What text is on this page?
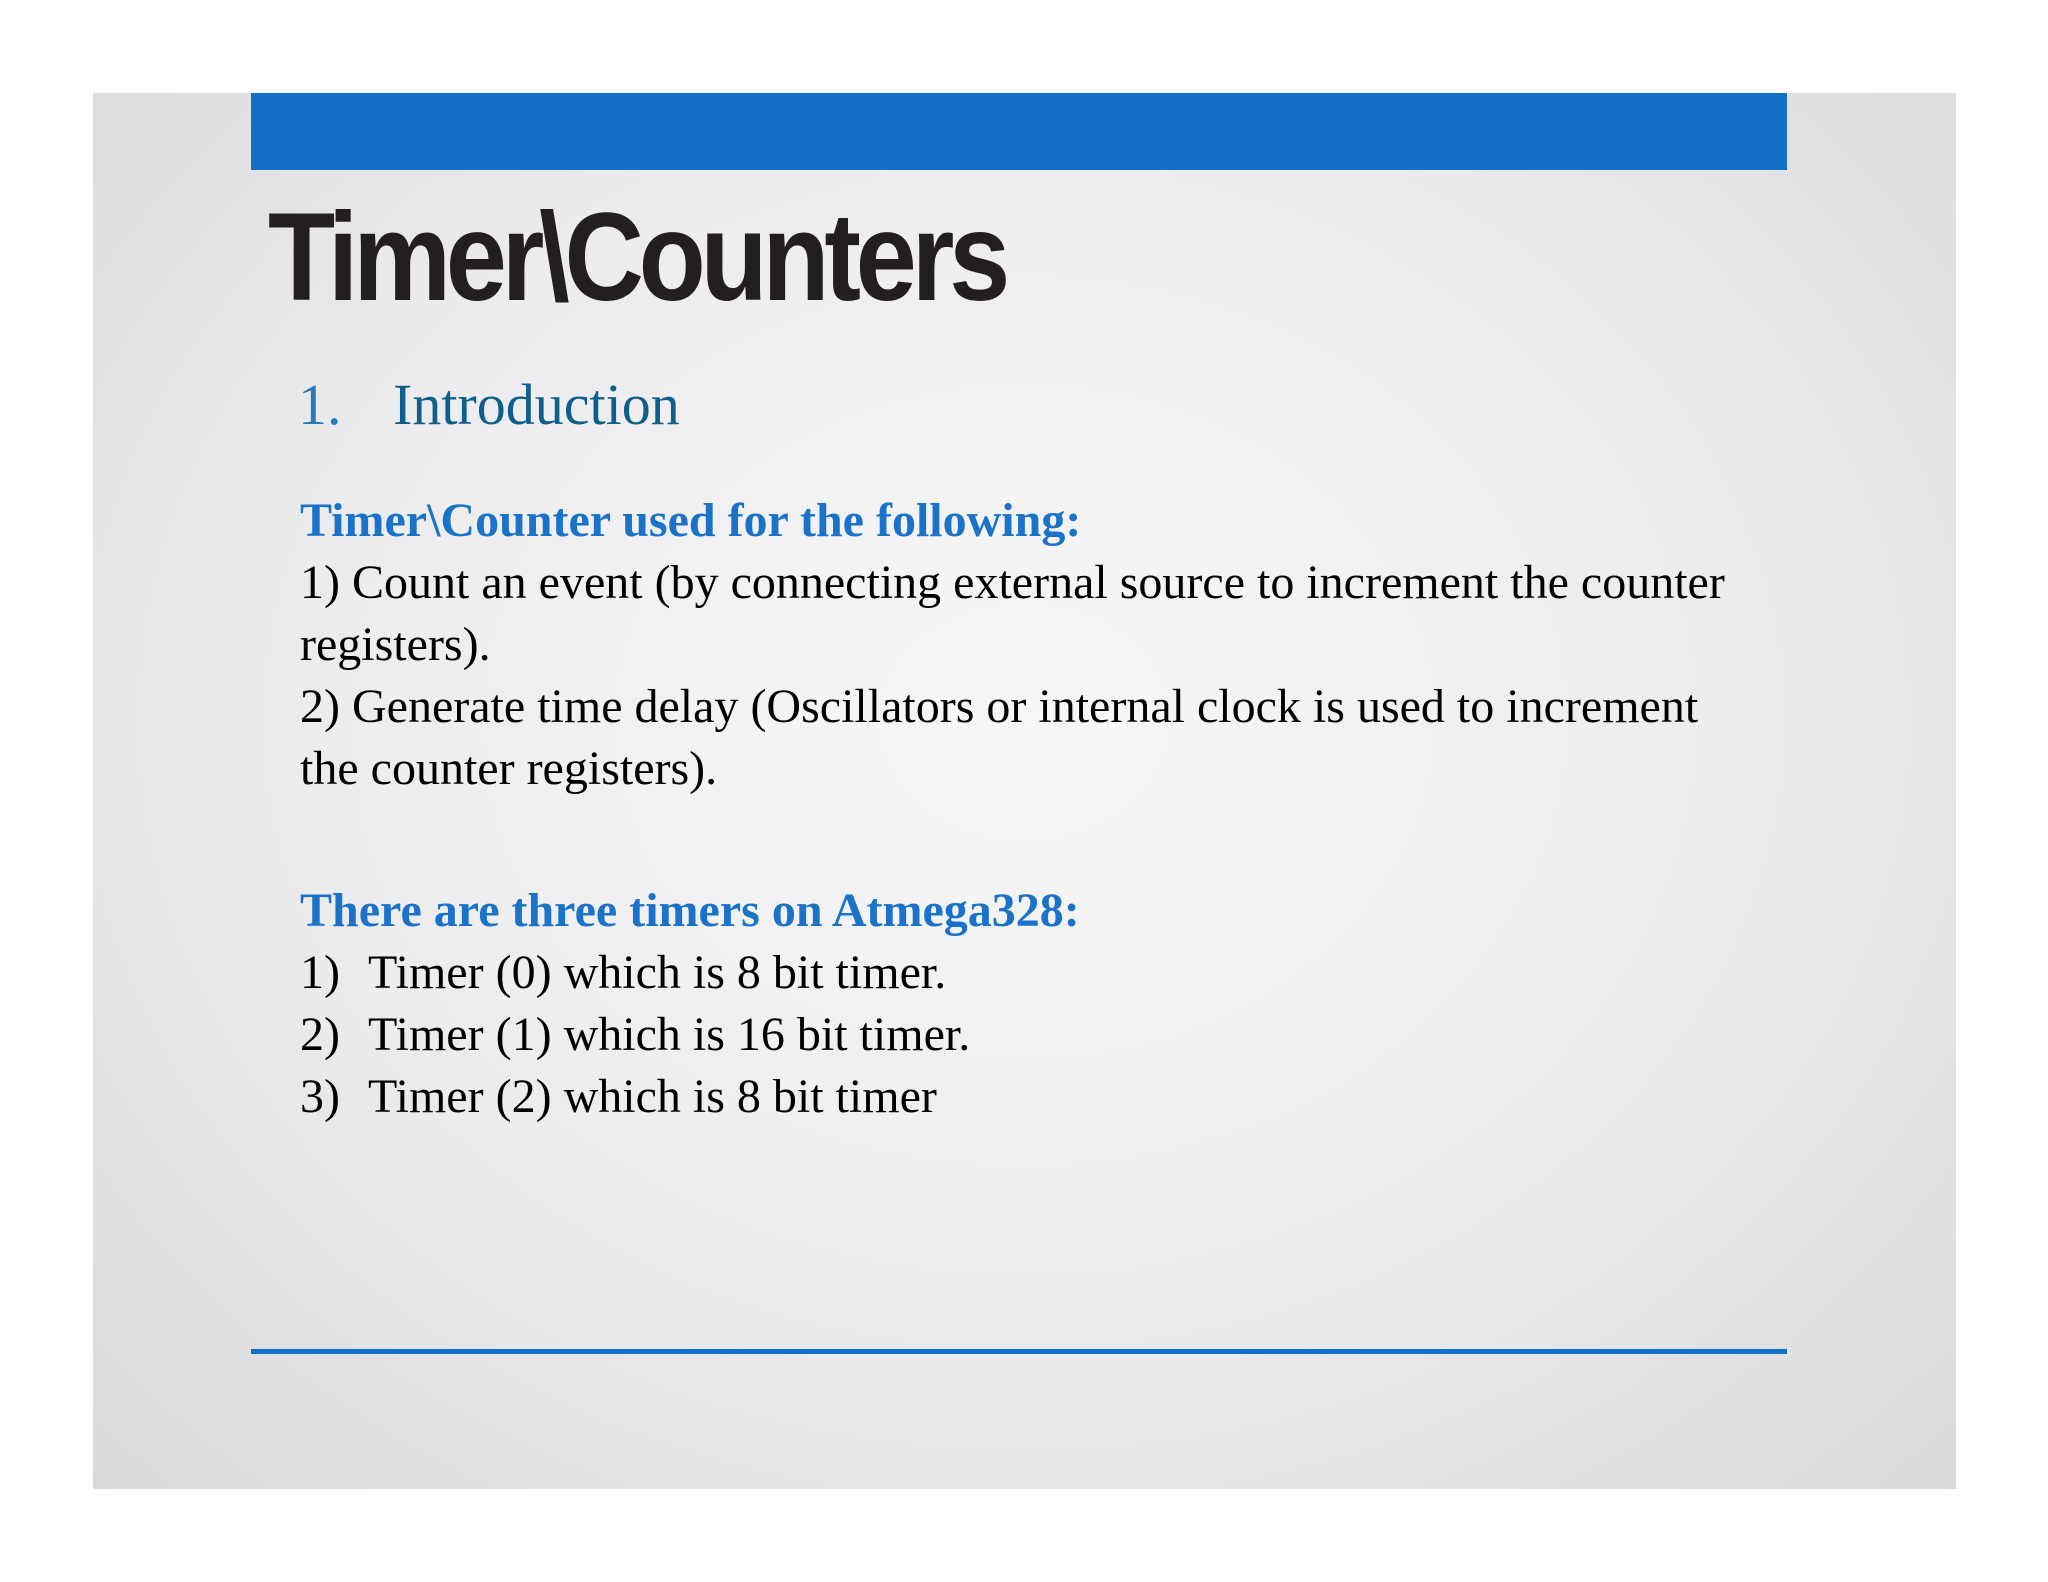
Timer\Counters
1. Introduction
Timer\Counter used for the following:

1) Count an event (by connecting external source to increment the counter registers).

2) Generate time delay (Oscillators or internal clock is used to increment the counter registers).

There are three timers on Atmega328:
1) Timer (0) which is 8 bit timer.
2) Timer (1) which is 16 bit timer.
3) Timer (2) which is 8 bit timer
